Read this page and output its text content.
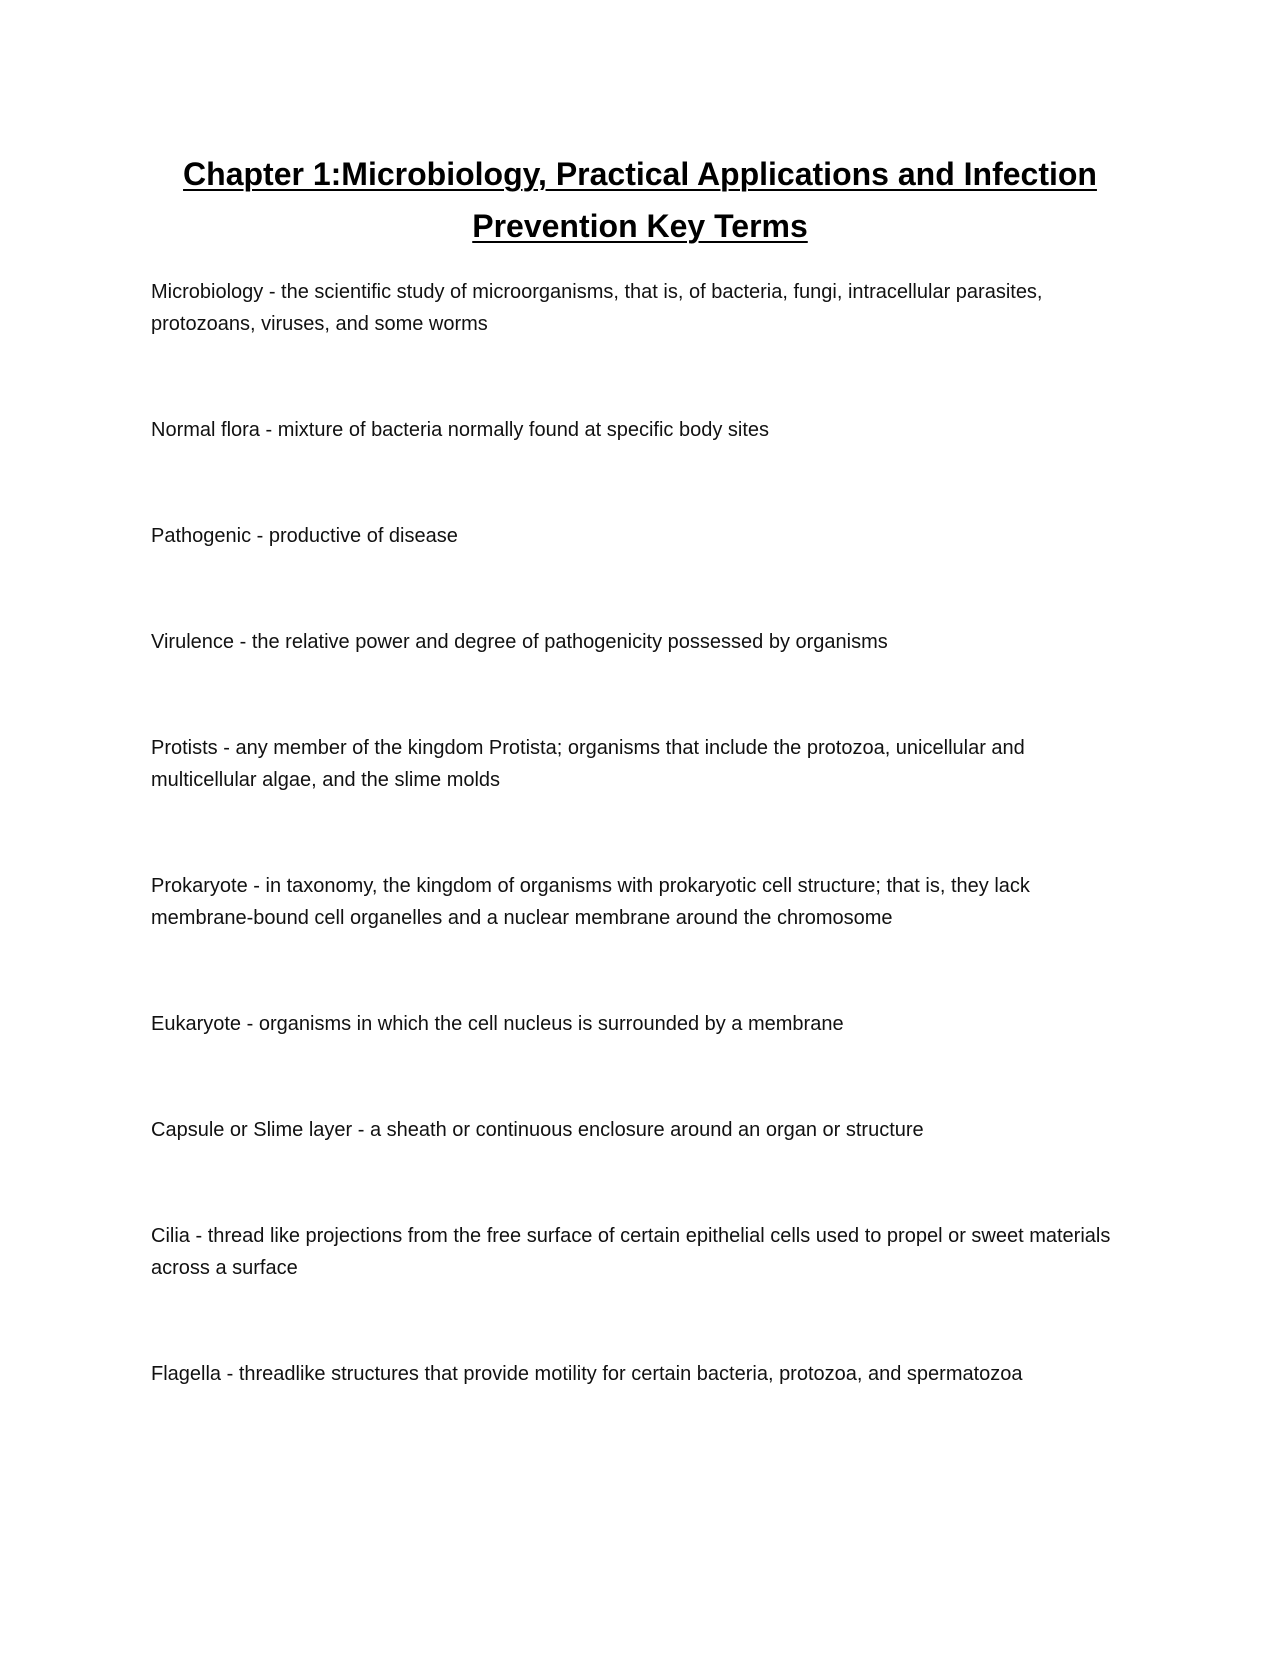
Chapter 1:Microbiology, Practical Applications and Infection Prevention Key Terms
Microbiology - the scientific study of microorganisms, that is, of bacteria, fungi, intracellular parasites, protozoans, viruses, and some worms
Normal flora - mixture of bacteria normally found at specific body sites
Pathogenic - productive of disease
Virulence - the relative power and degree of pathogenicity possessed by organisms
Protists - any member of the kingdom Protista; organisms that include the protozoa, unicellular and multicellular algae, and the slime molds
Prokaryote - in taxonomy, the kingdom of organisms with prokaryotic cell structure; that is, they lack membrane-bound cell organelles and a nuclear membrane around the chromosome
Eukaryote - organisms in which the cell nucleus is surrounded by a membrane
Capsule or Slime layer - a sheath or continuous enclosure around an organ or structure
Cilia - thread like projections from the free surface of certain epithelial cells used to propel or sweet materials across a surface
Flagella - threadlike structures that provide motility for certain bacteria, protozoa, and spermatozoa
